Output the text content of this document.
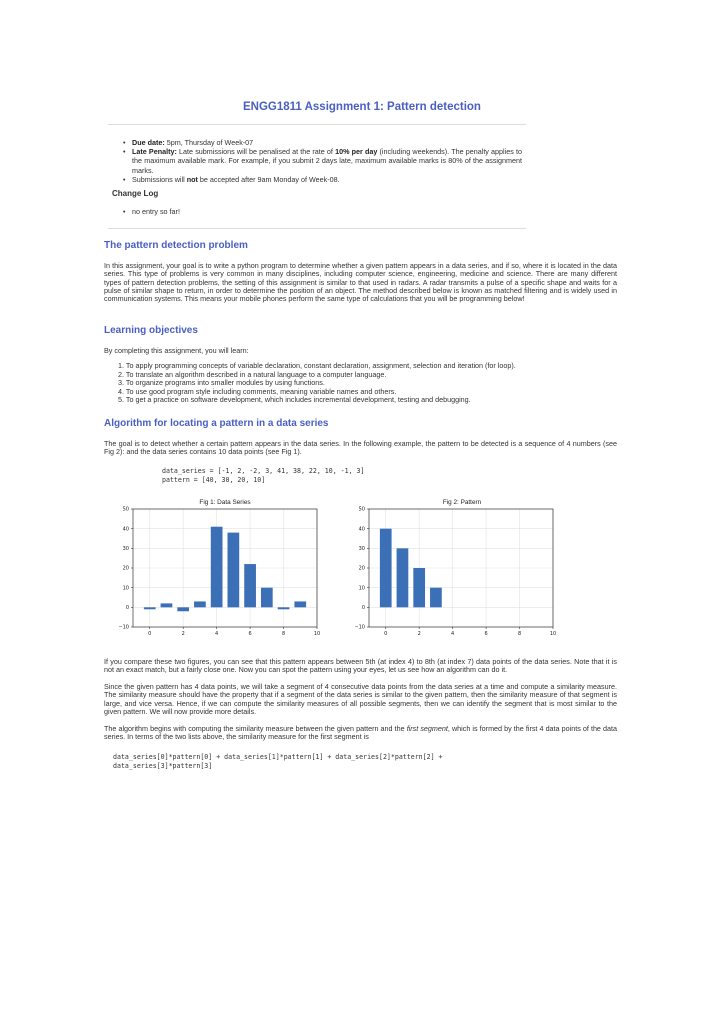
ENGG1811 Assignment 1: Pattern detection
• Due date: 5pm, Thursday of Week-07
• Late Penalty: Late submissions will be penalised at the rate of 10% per day (including weekends). The penalty applies to the maximum available mark. For example, if you submit 2 days late, maximum available marks is 80% of the assignment marks.
• Submissions will not be accepted after 9am Monday of Week-08.
Change Log
• no entry so far!
The pattern detection problem
In this assignment, your goal is to write a python program to determine whether a given pattern appears in a data series, and if so, where it is located in the data series. This type of problems is very common in many disciplines, including computer science, engineering, medicine and science. There are many different types of pattern detection problems, the setting of this assignment is similar to that used in radars. A radar transmits a pulse of a specific shape and waits for a pulse of similar shape to return, in order to determine the position of an object. The method described below is known as matched filtering and is widely used in communication systems. This means your mobile phones perform the same type of calculations that you will be programming below!
Learning objectives
By completing this assignment, you will learn:
1. To apply programming concepts of variable declaration, constant declaration, assignment, selection and iteration (for loop).
2. To translate an algorithm described in a natural language to a computer language.
3. To organize programs into smaller modules by using functions.
4. To use good program style including comments, meaning variable names and others.
5. To get a practice on software development, which includes incremental development, testing and debugging.
Algorithm for locating a pattern in a data series
The goal is to detect whether a certain pattern appears in the data series. In the following example, the pattern to be detected is a sequence of 4 numbers (see Fig 2): and the data series contains 10 data points (see Fig 1).
data_series = [-1, 2, -2, 3, 41, 38, 22, 10, -1, 3]
pattern = [40, 30, 20, 10]
Fig 1: Data Series
−10
0
10
20
30
40
50
0	2	4	6	8	10
Fig 2: Pattern
−10
0
10
20
30
40
50
0	2	4	6	8	10
If you compare these two figures, you can see that this pattern appears between 5th (at index 4) to 8th (at index 7) data points of the data series. Note that it is not an exact match, but a fairly close one. Now you can spot the pattern using your eyes, let us see how an algorithm can do it.
Since the given pattern has 4 data points, we will take a segment of 4 consecutive data points from the data series at a time and compute a similarity measure. The similarity measure should have the property that if a segment of the data series is similar to the given pattern, then the similarity measure of that segment is large, and vice versa. Hence, if we can compute the similarity measures of all possible segments, then we can identify the segment that is most similar to the given pattern. We will now provide more details.
The algorithm begins with computing the similarity measure between the given pattern and the first segment, which is formed by the first 4 data points of the data series. In terms of the two lists above, the similarity measure for the first segment is
data_series[0]*pattern[0] + data_series[1]*pattern[1] + data_series[2]*pattern[2] +
data_series[3]*pattern[3]
